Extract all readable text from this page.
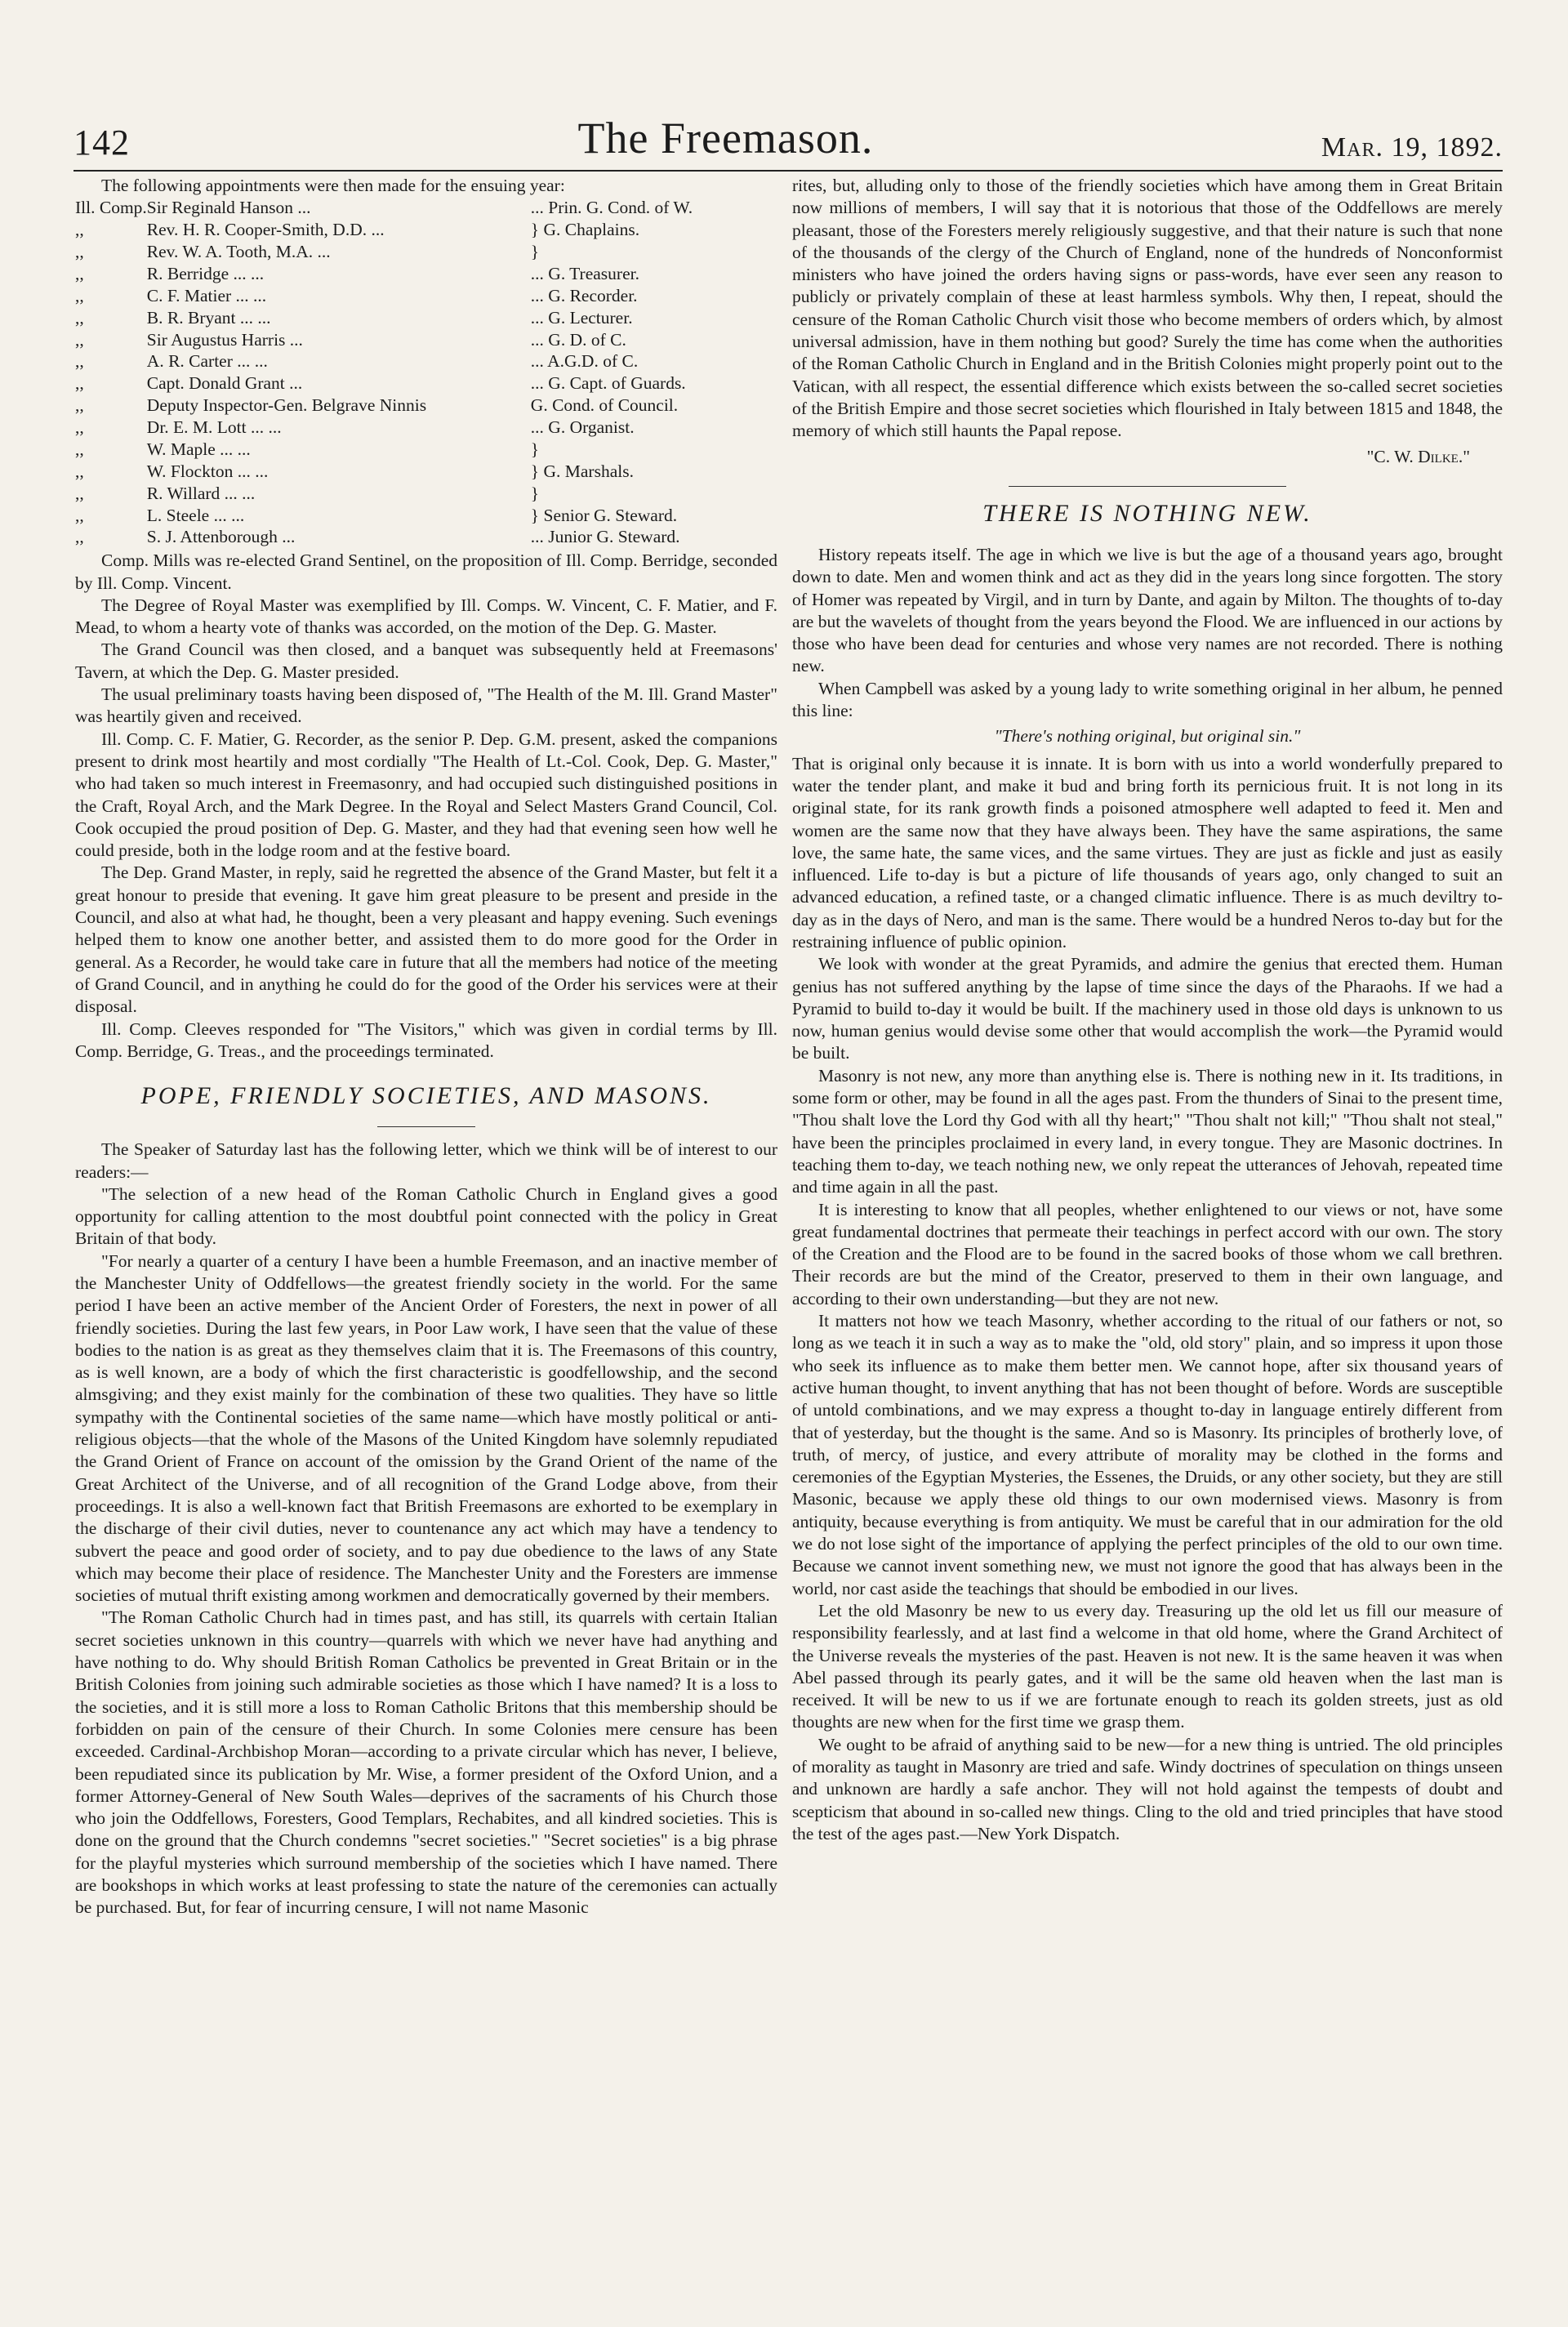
142	The Freemason.	Mar. 19, 1892.

The following appointments were then made for the ensuing year:

Ill. Comp.	Sir Reginald Hanson ...	... Prin. G. Cond. of W.
,,	Rev. H. R. Cooper-Smith, D.D. ...	} G. Chaplains.
,,	Rev. W. A. Tooth, M.A. ...	}
,,	R. Berridge ... ...	... G. Treasurer.
,,	C. F. Matier ... ...	... G. Recorder.
,,	B. R. Bryant ... ...	... G. Lecturer.
,,	Sir Augustus Harris ...	... G. D. of C.
,,	A. R. Carter ... ...	... A.G.D. of C.
,,	Capt. Donald Grant ...	... G. Capt. of Guards.
,,	Deputy Inspector-Gen. Belgrave Ninnis	G. Cond. of Council.
,,	Dr. E. M. Lott ... ...	... G. Organist.
,,	W. Maple ... ...	}
,,	W. Flockton ... ...	} G. Marshals.
,,	R. Willard ... ...	}
,,	L. Steele ... ...	} Senior G. Steward.
,,	S. J. Attenborough ...	... Junior G. Steward.

Comp. Mills was re-elected Grand Sentinel, on the proposition of Ill. Comp. Berridge, seconded by Ill. Comp. Vincent.

The Degree of Royal Master was exemplified by Ill. Comps. W. Vincent, C. F. Matier, and F. Mead, to whom a hearty vote of thanks was accorded, on the motion of the Dep. G. Master.

The Grand Council was then closed, and a banquet was subsequently held at Freemasons' Tavern, at which the Dep. G. Master presided.

The usual preliminary toasts having been disposed of, "The Health of the M. Ill. Grand Master" was heartily given and received.

Ill. Comp. C. F. Matier, G. Recorder, as the senior P. Dep. G.M. present, asked the companions present to drink most heartily and most cordially "The Health of Lt.-Col. Cook, Dep. G. Master," who had taken so much interest in Freemasonry, and had occupied such distinguished positions in the Craft, Royal Arch, and the Mark Degree. In the Royal and Select Masters Grand Council, Col. Cook occupied the proud position of Dep. G. Master, and they had that evening seen how well he could preside, both in the lodge room and at the festive board.

The Dep. Grand Master, in reply, said he regretted the absence of the Grand Master, but felt it a great honour to preside that evening. It gave him great pleasure to be present and preside in the Council, and also at what had, he thought, been a very pleasant and happy evening. Such evenings helped them to know one another better, and assisted them to do more good for the Order in general. As a Recorder, he would take care in future that all the members had notice of the meeting of Grand Council, and in anything he could do for the good of the Order his services were at their disposal.

Ill. Comp. Cleeves responded for "The Visitors," which was given in cordial terms by Ill. Comp. Berridge, G. Treas., and the proceedings terminated.

POPE, FRIENDLY SOCIETIES, AND MASONS.

The Speaker of Saturday last has the following letter, which we think will be of interest to our readers:—

"The selection of a new head of the Roman Catholic Church in England gives a good opportunity for calling attention to the most doubtful point connected with the policy in Great Britain of that body.

"For nearly a quarter of a century I have been a humble Freemason, and an inactive member of the Manchester Unity of Oddfellows—the greatest friendly society in the world. For the same period I have been an active member of the Ancient Order of Foresters, the next in power of all friendly societies. During the last few years, in Poor Law work, I have seen that the value of these bodies to the nation is as great as they themselves claim that it is. The Freemasons of this country, as is well known, are a body of which the first characteristic is goodfellowship, and the second almsgiving; and they exist mainly for the combination of these two qualities. They have so little sympathy with the Continental societies of the same name—which have mostly political or anti-religious objects—that the whole of the Masons of the United Kingdom have solemnly repudiated the Grand Orient of France on account of the omission by the Grand Orient of the name of the Great Architect of the Universe, and of all recognition of the Grand Lodge above, from their proceedings. It is also a well-known fact that British Freemasons are exhorted to be exemplary in the discharge of their civil duties, never to countenance any act which may have a tendency to subvert the peace and good order of society, and to pay due obedience to the laws of any State which may become their place of residence. The Manchester Unity and the Foresters are immense societies of mutual thrift existing among workmen and democratically governed by their members.

"The Roman Catholic Church had in times past, and has still, its quarrels with certain Italian secret societies unknown in this country—quarrels with which we never have had anything and have nothing to do. Why should British Roman Catholics be prevented in Great Britain or in the British Colonies from joining such admirable societies as those which I have named? It is a loss to the societies, and it is still more a loss to Roman Catholic Britons that this membership should be forbidden on pain of the censure of their Church. In some Colonies mere censure has been exceeded. Cardinal-Archbishop Moran—according to a private circular which has never, I believe, been repudiated since its publication by Mr. Wise, a former president of the Oxford Union, and a former Attorney-General of New South Wales—deprives of the sacraments of his Church those who join the Oddfellows, Foresters, Good Templars, Rechabites, and all kindred societies. This is done on the ground that the Church condemns "secret societies." "Secret societies" is a big phrase for the playful mysteries which surround membership of the societies which I have named. There are bookshops in which works at least professing to state the nature of the ceremonies can actually be purchased. But, for fear of incurring censure, I will not name Masonic

rites, but, alluding only to those of the friendly societies which have among them in Great Britain now millions of members, I will say that it is notorious that those of the Oddfellows are merely pleasant, those of the Foresters merely religiously suggestive, and that their nature is such that none of the thousands of the clergy of the Church of England, none of the hundreds of Nonconformist ministers who have joined the orders having signs or pass-words, have ever seen any reason to publicly or privately complain of these at least harmless symbols. Why then, I repeat, should the censure of the Roman Catholic Church visit those who become members of orders which, by almost universal admission, have in them nothing but good? Surely the time has come when the authorities of the Roman Catholic Church in England and in the British Colonies might properly point out to the Vatican, with all respect, the essential difference which exists between the so-called secret societies of the British Empire and those secret societies which flourished in Italy between 1815 and 1848, the memory of which still haunts the Papal repose.

"C. W. Dilke."

THERE IS NOTHING NEW.

History repeats itself. The age in which we live is but the age of a thousand years ago, brought down to date. Men and women think and act as they did in the years long since forgotten. The story of Homer was repeated by Virgil, and in turn by Dante, and again by Milton. The thoughts of to-day are but the wavelets of thought from the years beyond the Flood. We are influenced in our actions by those who have been dead for centuries and whose very names are not recorded. There is nothing new.

When Campbell was asked by a young lady to write something original in her album, he penned this line:

"There's nothing original, but original sin."

That is original only because it is innate. It is born with us into a world wonderfully prepared to water the tender plant, and make it bud and bring forth its pernicious fruit. It is not long in its original state, for its rank growth finds a poisoned atmosphere well adapted to feed it. Men and women are the same now that they have always been. They have the same aspirations, the same love, the same hate, the same vices, and the same virtues. They are just as fickle and just as easily influenced. Life to-day is but a picture of life thousands of years ago, only changed to suit an advanced education, a refined taste, or a changed climatic influence. There is as much deviltry to-day as in the days of Nero, and man is the same. There would be a hundred Neros to-day but for the restraining influence of public opinion.

We look with wonder at the great Pyramids, and admire the genius that erected them. Human genius has not suffered anything by the lapse of time since the days of the Pharaohs. If we had a Pyramid to build to-day it would be built. If the machinery used in those old days is unknown to us now, human genius would devise some other that would accomplish the work—the Pyramid would be built.

Masonry is not new, any more than anything else is. There is nothing new in it. Its traditions, in some form or other, may be found in all the ages past. From the thunders of Sinai to the present time, "Thou shalt love the Lord thy God with all thy heart;" "Thou shalt not kill;" "Thou shalt not steal," have been the principles proclaimed in every land, in every tongue. They are Masonic doctrines. In teaching them to-day, we teach nothing new, we only repeat the utterances of Jehovah, repeated time and time again in all the past.

It is interesting to know that all peoples, whether enlightened to our views or not, have some great fundamental doctrines that permeate their teachings in perfect accord with our own. The story of the Creation and the Flood are to be found in the sacred books of those whom we call brethren. Their records are but the mind of the Creator, preserved to them in their own language, and according to their own understanding—but they are not new.

It matters not how we teach Masonry, whether according to the ritual of our fathers or not, so long as we teach it in such a way as to make the "old, old story" plain, and so impress it upon those who seek its influence as to make them better men. We cannot hope, after six thousand years of active human thought, to invent anything that has not been thought of before. Words are susceptible of untold combinations, and we may express a thought to-day in language entirely different from that of yesterday, but the thought is the same. And so is Masonry. Its principles of brotherly love, of truth, of mercy, of justice, and every attribute of morality may be clothed in the forms and ceremonies of the Egyptian Mysteries, the Essenes, the Druids, or any other society, but they are still Masonic, because we apply these old things to our own modernised views. Masonry is from antiquity, because everything is from antiquity. We must be careful that in our admiration for the old we do not lose sight of the importance of applying the perfect principles of the old to our own time. Because we cannot invent something new, we must not ignore the good that has always been in the world, nor cast aside the teachings that should be embodied in our lives.

Let the old Masonry be new to us every day. Treasuring up the old let us fill our measure of responsibility fearlessly, and at last find a welcome in that old home, where the Grand Architect of the Universe reveals the mysteries of the past. Heaven is not new. It is the same heaven it was when Abel passed through its pearly gates, and it will be the same old heaven when the last man is received. It will be new to us if we are fortunate enough to reach its golden streets, just as old thoughts are new when for the first time we grasp them.

We ought to be afraid of anything said to be new—for a new thing is untried. The old principles of morality as taught in Masonry are tried and safe. Windy doctrines of speculation on things unseen and unknown are hardly a safe anchor. They will not hold against the tempests of doubt and scepticism that abound in so-called new things. Cling to the old and tried principles that have stood the test of the ages past.—New York Dispatch.
